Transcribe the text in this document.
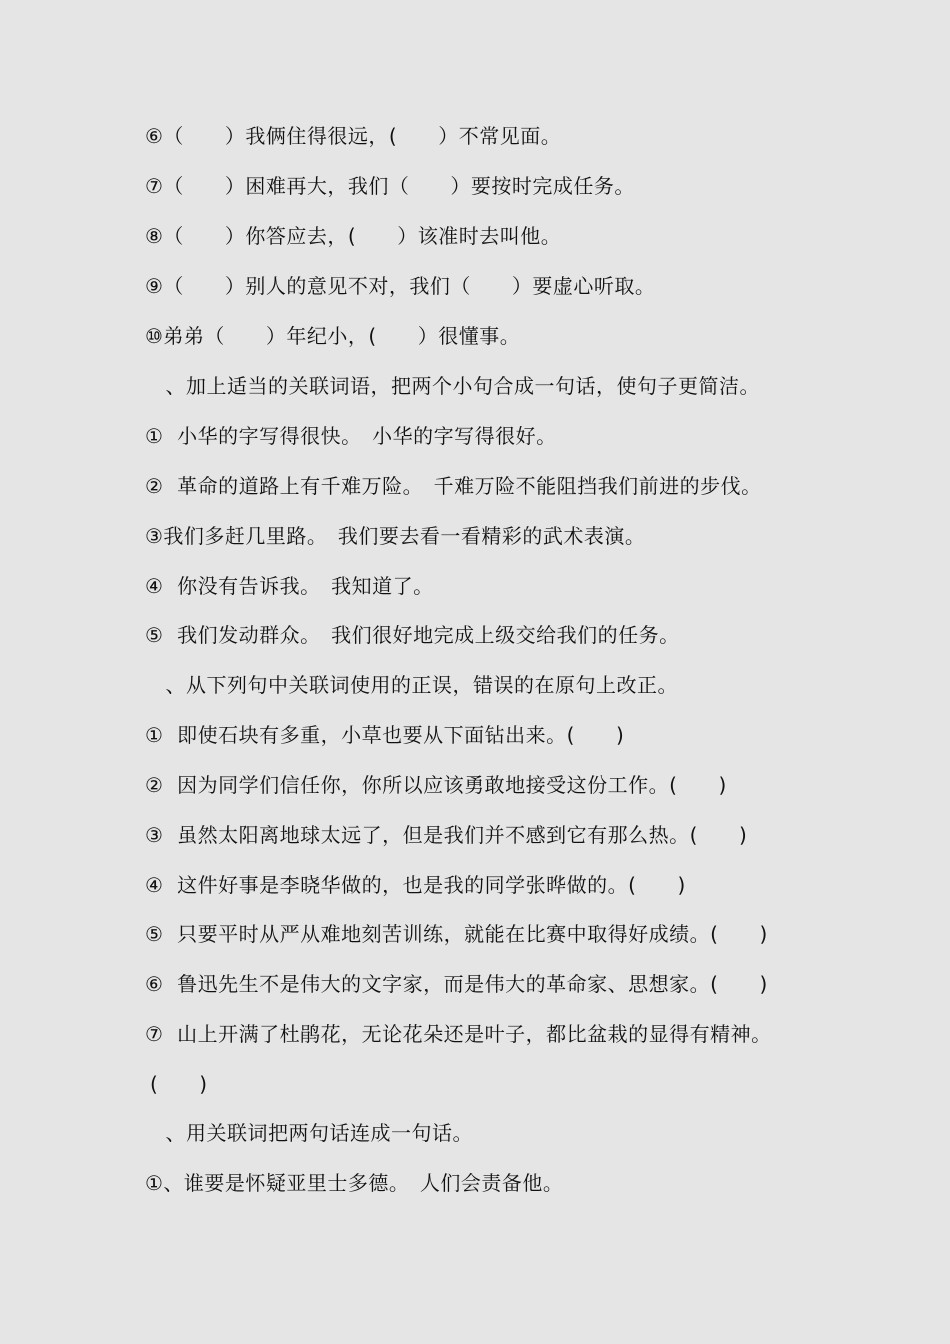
⑥（　　）我俩住得很远，(　　）不常见面。
⑦（　　）困难再大，我们（　　）要按时完成任务。
⑧（　　）你答应去，(　　）该准时去叫他。
⑨（　　）别人的意见不对，我们（　　）要虚心听取。
⑩弟弟（　　）年纪小，(　　）很懂事。
　、加上适当的关联词语，把两个小句合成一句话，使句子更简洁。
①  小华的字写得很快。　小华的字写得很好。
②  革命的道路上有千难万险。　千难万险不能阻挡我们前进的步伐。
③我们多赶几里路。　我们要去看一看精彩的武术表演。
④  你没有告诉我。　我知道了。
⑤  我们发动群众。　我们很好地完成上级交给我们的任务。
　、从下列句中关联词使用的正误，错误的在原句上改正。
①  即使石块有多重，小草也要从下面钻出来。(　　)
②  因为同学们信任你，你所以应该勇敢地接受这份工作。(　　)
③  虽然太阳离地球太远了，但是我们并不感到它有那么热。(　　)
④  这件好事是李晓华做的，也是我的同学张晔做的。(　　)
⑤  只要平时从严从难地刻苦训练，就能在比赛中取得好成绩。(　　)
⑥  鲁迅先生不是伟大的文字家，而是伟大的革命家、思想家。(　　)
⑦  山上开满了杜鹃花，无论花朵还是叶子，都比盆栽的显得有精神。
(　　)
　、用关联词把两句话连成一句话。
①、谁要是怀疑亚里士多德。　人们会责备他。
